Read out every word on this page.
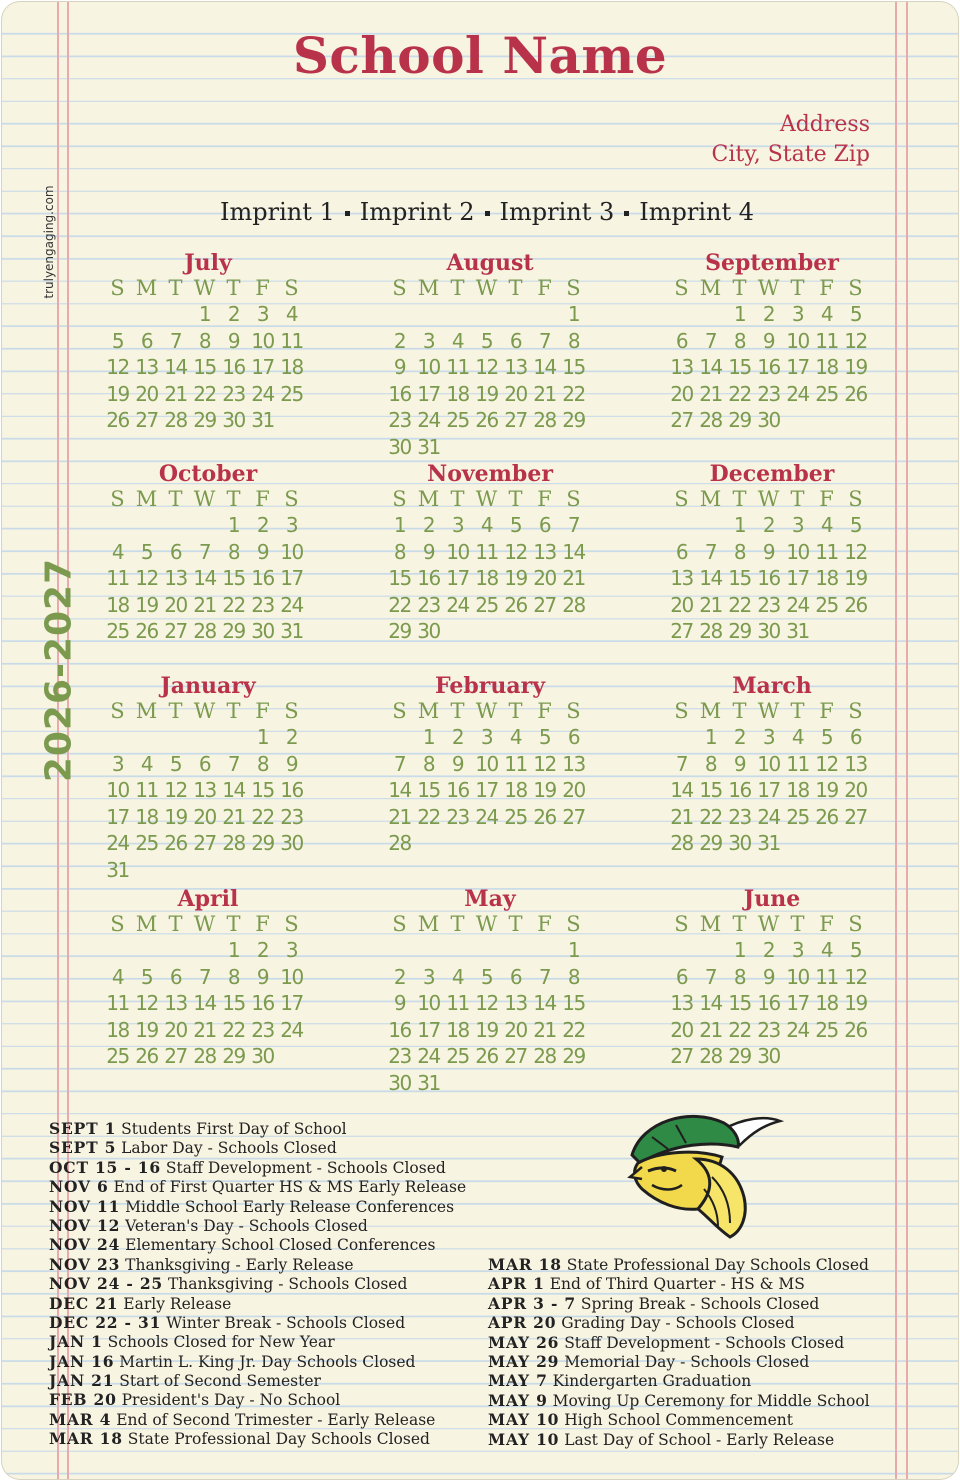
School Name
Address
City, State Zip
Imprint 1 Imprint 2 Imprint 3 Imprint 4
trulyengaging.com
2026-2027
July
S M T W T F S
1 2 3 4
5 6 7 8 9 10 11
12 13 14 15 16 17 18
19 20 21 22 23 24 25
26 27 28 29 30 31
August
S M T W T F S
1
2 3 4 5 6 7 8
9 10 11 12 13 14 15
16 17 18 19 20 21 22
23 24 25 26 27 28 29
30 31
September
S M T W T F S
1 2 3 4 5
6 7 8 9 10 11 12
13 14 15 16 17 18 19
20 21 22 23 24 25 26
27 28 29 30
October
S M T W T F S
1 2 3
4 5 6 7 8 9 10
11 12 13 14 15 16 17
18 19 20 21 22 23 24
25 26 27 28 29 30 31
November
S M T W T F S
1 2 3 4 5 6 7
8 9 10 11 12 13 14
15 16 17 18 19 20 21
22 23 24 25 26 27 28
29 30
December
S M T W T F S
1 2 3 4 5
6 7 8 9 10 11 12
13 14 15 16 17 18 19
20 21 22 23 24 25 26
27 28 29 30 31
January
S M T W T F S
1 2
3 4 5 6 7 8 9
10 11 12 13 14 15 16
17 18 19 20 21 22 23
24 25 26 27 28 29 30
31
February
S M T W T F S
1 2 3 4 5 6
7 8 9 10 11 12 13
14 15 16 17 18 19 20
21 22 23 24 25 26 27
28
March
S M T W T F S
1 2 3 4 5 6
7 8 9 10 11 12 13
14 15 16 17 18 19 20
21 22 23 24 25 26 27
28 29 30 31
April
S M T W T F S
1 2 3
4 5 6 7 8 9 10
11 12 13 14 15 16 17
18 19 20 21 22 23 24
25 26 27 28 29 30
May
S M T W T F S
1
2 3 4 5 6 7 8
9 10 11 12 13 14 15
16 17 18 19 20 21 22
23 24 25 26 27 28 29
30 31
June
S M T W T F S
1 2 3 4 5
6 7 8 9 10 11 12
13 14 15 16 17 18 19
20 21 22 23 24 25 26
27 28 29 30
SEPT 1 Students First Day of School
SEPT 5 Labor Day - Schools Closed
OCT 15 - 16 Staff Development - Schools Closed
NOV 6 End of First Quarter HS & MS Early Release
NOV 11 Middle School Early Release Conferences
NOV 12 Veteran's Day - Schools Closed
NOV 24 Elementary School Closed Conferences
NOV 23 Thanksgiving - Early Release
NOV 24 - 25 Thanksgiving - Schools Closed
DEC 21 Early Release
DEC 22 - 31 Winter Break - Schools Closed
JAN 1 Schools Closed for New Year
JAN 16 Martin L. King Jr. Day Schools Closed
JAN 21 Start of Second Semester
FEB 20 President's Day - No School
MAR 4 End of Second Trimester - Early Release
MAR 18 State Professional Day Schools Closed
MAR 18 State Professional Day Schools Closed
APR 1 End of Third Quarter - HS & MS
APR 3 - 7 Spring Break - Schools Closed
APR 20 Grading Day - Schools Closed
MAY 26 Staff Development - Schools Closed
MAY 29 Memorial Day - Schools Closed
MAY 7 Kindergarten Graduation
MAY 9 Moving Up Ceremony for Middle School
MAY 10 High School Commencement
MAY 10 Last Day of School - Early Release
